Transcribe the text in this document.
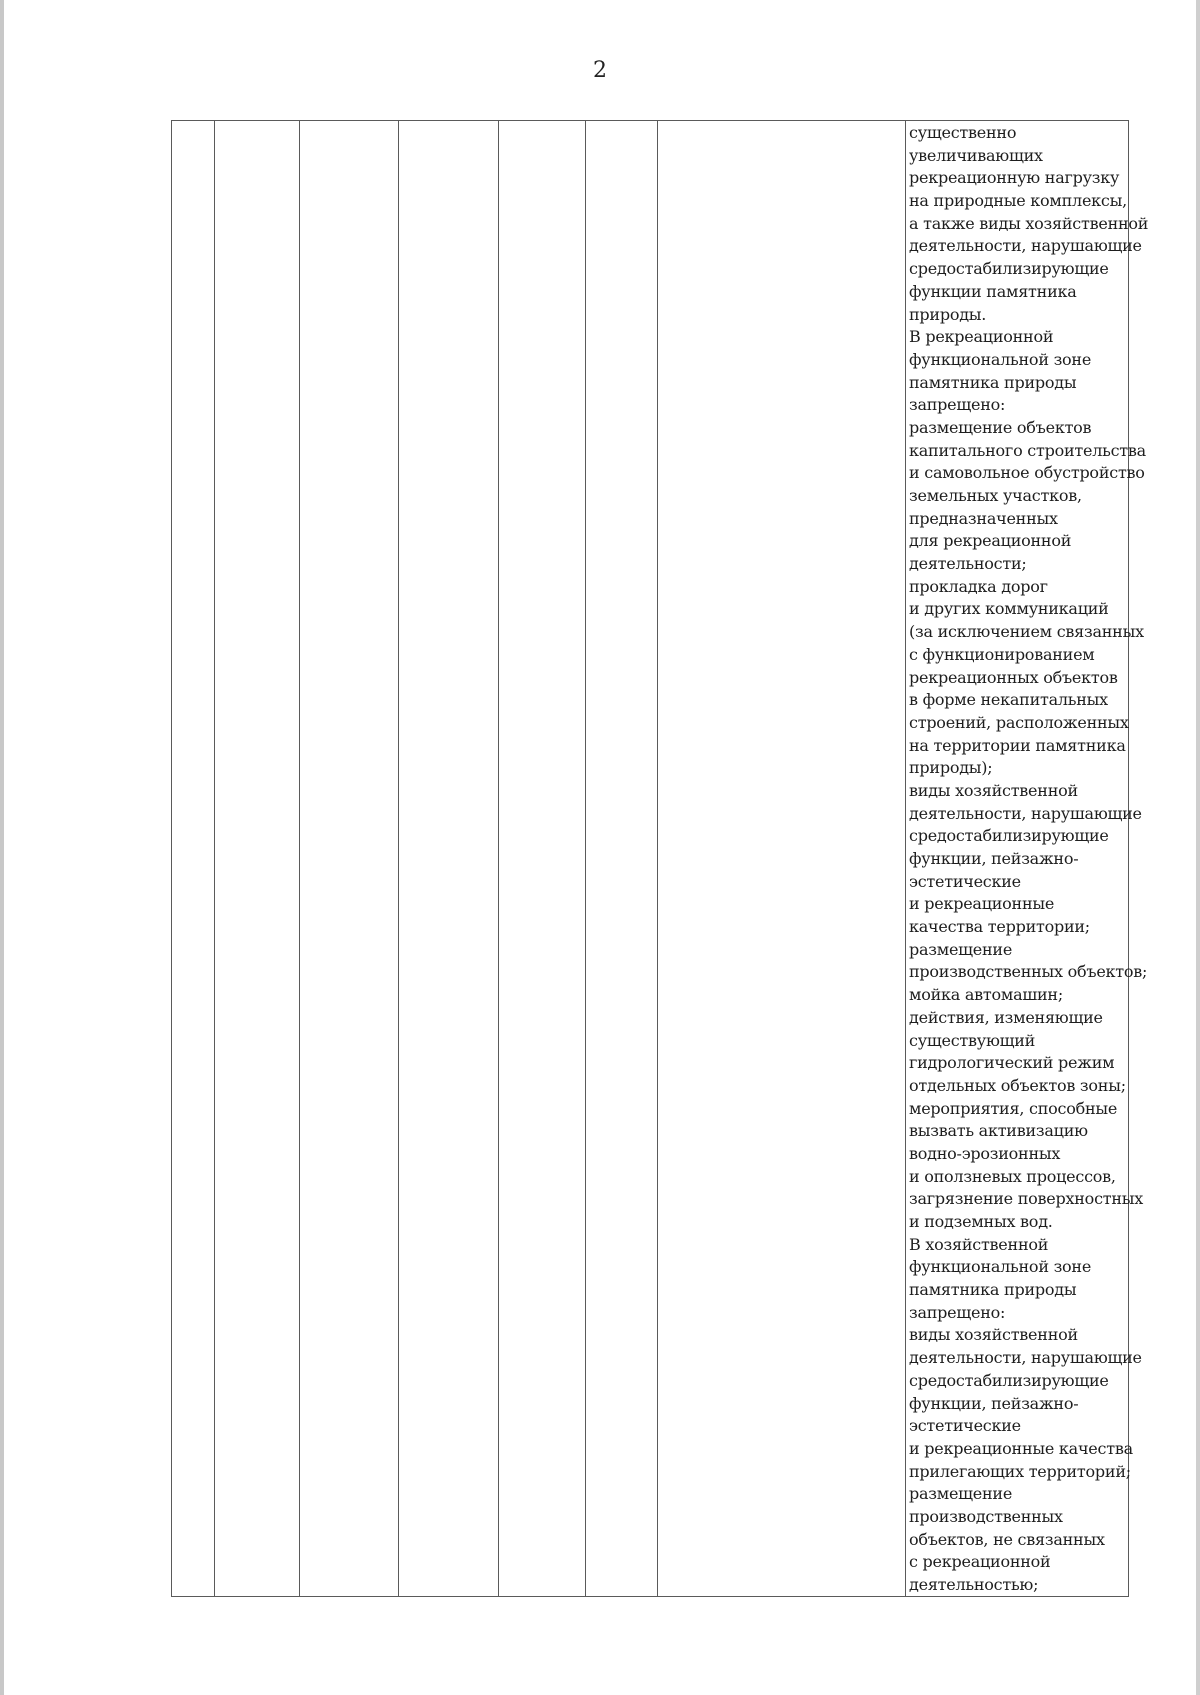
2
существенно
увеличивающих
рекреационную нагрузку
на природные комплексы,
а также виды хозяйственной
деятельности, нарушающие
средостабилизирующие
функции памятника
природы.
В рекреационной
функциональной зоне
памятника природы
запрещено:
размещение объектов
капитального строительства
и самовольное обустройство
земельных участков,
предназначенных
для рекреационной
деятельности;
прокладка дорог
и других коммуникаций
(за исключением связанных
с функционированием
рекреационных объектов
в форме некапитальных
строений, расположенных
на территории памятника
природы);
виды хозяйственной
деятельности, нарушающие
средостабилизирующие
функции, пейзажно-
эстетические
и рекреационные
качества территории;
размещение
производственных объектов;
мойка автомашин;
действия, изменяющие
существующий
гидрологический режим
отдельных объектов зоны;
мероприятия, способные
вызвать активизацию
водно-эрозионных
и оползневых процессов,
загрязнение поверхностных
и подземных вод.
В хозяйственной
функциональной зоне
памятника природы
запрещено:
виды хозяйственной
деятельности, нарушающие
средостабилизирующие
функции, пейзажно-
эстетические
и рекреационные качества
прилегающих территорий;
размещение
производственных
объектов, не связанных
с рекреационной
деятельностью;
